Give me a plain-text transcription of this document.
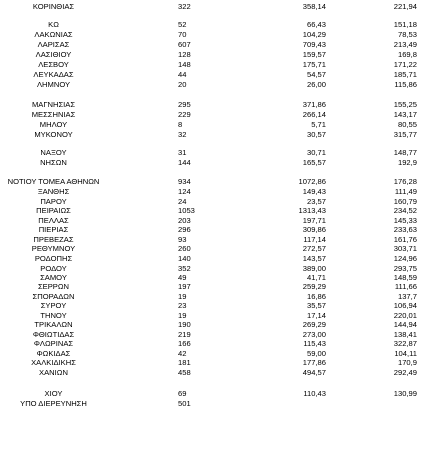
ΚΟΡΙΝΘΙΑΣ	322	358,14	221,94
ΚΩ	52	66,43	151,18
ΛΑΚΩΝΙΑΣ	70	104,29	78,53
ΛΑΡΙΣΑΣ	607	709,43	213,49
ΛΑΣΙΘΙΟΥ	128	159,57	169,8
ΛΕΣΒΟΥ	148	175,71	171,22
ΛΕΥΚΑΔΑΣ	44	54,57	185,71
ΛΗΜΝΟΥ	20	26,00	115,86
ΜΑΓΝΗΣΙΑΣ	295	371,86	155,25
ΜΕΣΣΗΝΙΑΣ	229	266,14	143,17
ΜΗΛΟΥ	8	5,71	80,55
ΜΥΚΟΝΟΥ	32	30,57	315,77
ΝΑΞΟΥ	31	30,71	148,77
ΝΗΣΩΝ	144	165,57	192,9
ΝΟΤΙΟΥ ΤΟΜΕΑ ΑΘΗΝΩΝ	934	1072,86	176,28
ΞΑΝΘΗΣ	124	149,43	111,49
ΠΑΡΟΥ	24	23,57	160,79
ΠΕΙΡΑΙΩΣ	1053	1313,43	234,52
ΠΕΛΛΑΣ	203	197,71	145,33
ΠΙΕΡΙΑΣ	296	309,86	233,63
ΠΡΕΒΕΖΑΣ	93	117,14	161,76
ΡΕΘΥΜΝΟΥ	260	272,57	303,71
ΡΟΔΟΠΗΣ	140	143,57	124,96
ΡΟΔΟΥ	352	389,00	293,75
ΣΑΜΟΥ	49	41,71	148,59
ΣΕΡΡΩΝ	197	259,29	111,66
ΣΠΟΡΑΔΩΝ	19	16,86	137,7
ΣΥΡΟΥ	23	35,57	106,94
ΤΗΝΟΥ	19	17,14	220,01
ΤΡΙΚΑΛΩΝ	190	269,29	144,94
ΦΘΙΩΤΙΔΑΣ	219	273,00	138,41
ΦΛΩΡΙΝΑΣ	166	115,43	322,87
ΦΩΚΙΔΑΣ	42	59,00	104,11
ΧΑΛΚΙΔΙΚΗΣ	181	177,86	170,9
ΧΑΝΙΩΝ	458	494,57	292,49
ΧΙΟΥ	69	110,43	130,99
ΥΠΟ ΔΙΕΡΕΥΝΗΣΗ	501
